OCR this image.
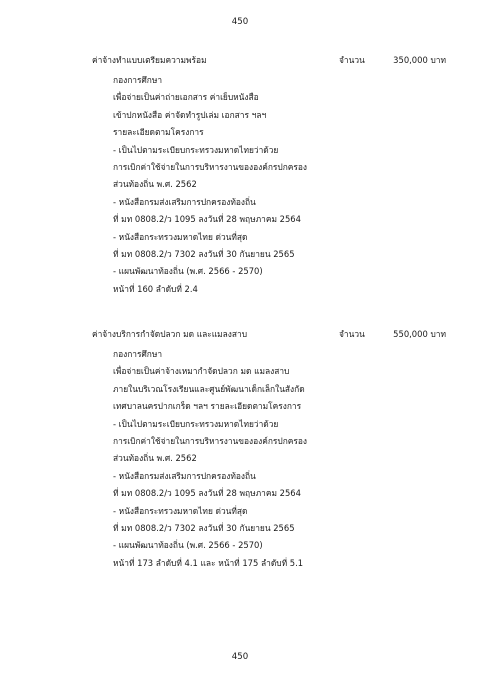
450
ค่าจ้างทำแบบเตรียมความพร้อม	จำนวน	350,000 บาท
กองการศึกษา
เพื่อจ่ายเป็นค่าถ่ายเอกสาร ค่าเย็บหนังสือ
เข้าปกหนังสือ ค่าจัดทำรูปเล่ม เอกสาร ฯลฯ
รายละเอียดตามโครงการ
- เป็นไปตามระเบียบกระทรวงมหาดไทยว่าด้วย
การเบิกค่าใช้จ่ายในการบริหารงานขององค์กรปกครอง
ส่วนท้องถิ่น พ.ศ. 2562
- หนังสือกรมส่งเสริมการปกครองท้องถิ่น
ที่ มท 0808.2/ว 1095 ลงวันที่ 28 พฤษภาคม 2564
- หนังสือกระทรวงมหาดไทย ด่วนที่สุด
ที่ มท 0808.2/ว 7302 ลงวันที่ 30 กันยายน 2565
- แผนพัฒนาท้องถิ่น (พ.ศ. 2566 - 2570)
หน้าที่ 160 ลำดับที่ 2.4
ค่าจ้างบริการกำจัดปลวก มด และแมลงสาบ	จำนวน	550,000 บาท
กองการศึกษา
เพื่อจ่ายเป็นค่าจ้างเหมากำจัดปลวก มด แมลงสาบ
ภายในบริเวณโรงเรียนและศูนย์พัฒนาเด็กเล็กในสังกัด
เทศบาลนครปากเกร็ด ฯลฯ รายละเอียดตามโครงการ
- เป็นไปตามระเบียบกระทรวงมหาดไทยว่าด้วย
การเบิกค่าใช้จ่ายในการบริหารงานขององค์กรปกครอง
ส่วนท้องถิ่น พ.ศ. 2562
- หนังสือกรมส่งเสริมการปกครองท้องถิ่น
ที่ มท 0808.2/ว 1095 ลงวันที่ 28 พฤษภาคม 2564
- หนังสือกระทรวงมหาดไทย ด่วนที่สุด
ที่ มท 0808.2/ว 7302 ลงวันที่ 30 กันยายน 2565
- แผนพัฒนาท้องถิ่น (พ.ศ. 2566 - 2570)
หน้าที่ 173 ลำดับที่ 4.1 และ หน้าที่ 175 ลำดับที่ 5.1
450
